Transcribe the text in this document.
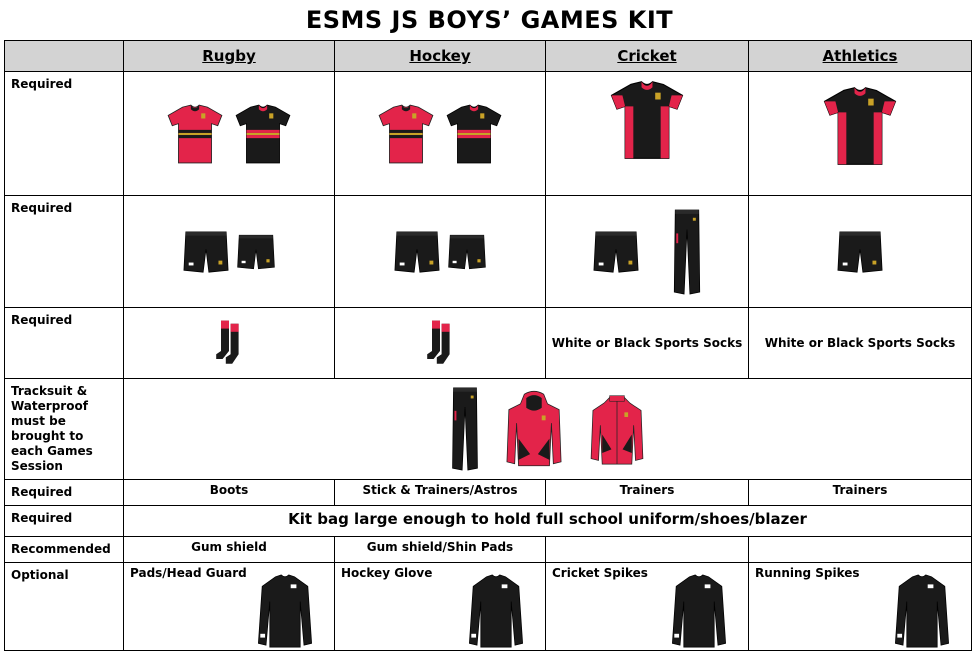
ESMS JS BOYS’ GAMES KIT
	Rugby	Hockey	Cricket	Athletics
Required	

Required	

Required			White or Black Sports Socks	White or Black Sports Socks

Tracksuit & Waterproof must be brought to each Games Session	

Required	Boots	Stick & Trainers/Astros	Trainers	Trainers

Required	Kit bag large enough to hold full school uniform/shoes/blazer			

Recommended	Gum shield	Gum shield/Shin Pads		

Optional	Pads/Head Guard	Hockey Glove	Cricket Spikes	Running Spikes
